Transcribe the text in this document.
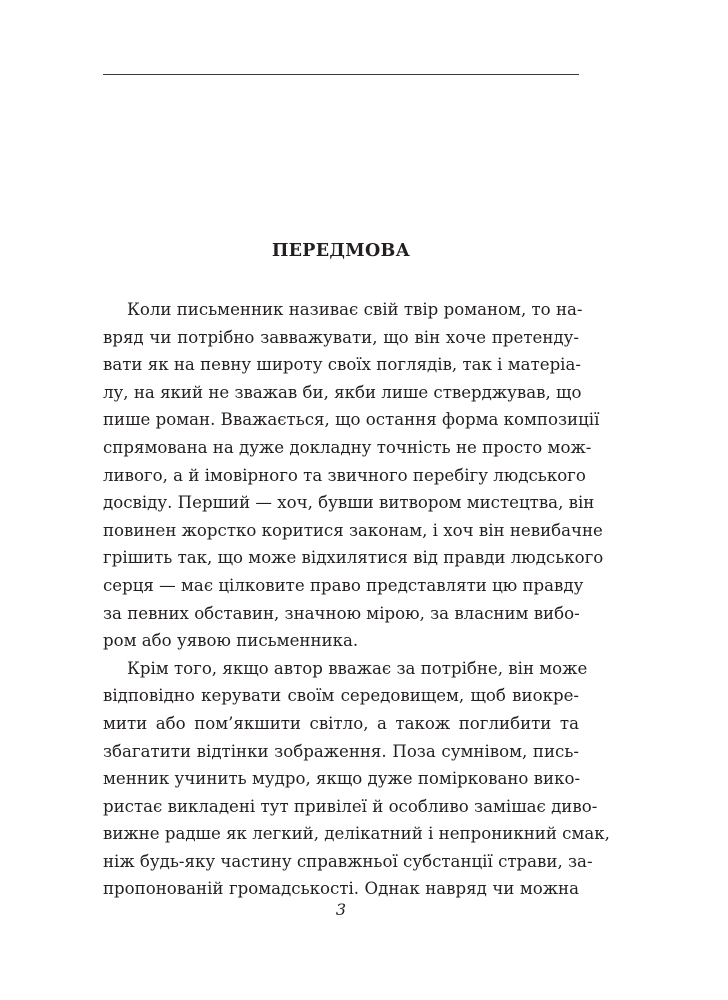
ПЕРЕДМОВА
Коли письменник називає свій твір романом, то на-
вряд чи потрібно завважувати, що він хоче претенду-
вати як на певну широту своїх поглядів, так і матеріа-
лу, на який не зважав би, якби лише стверджував, що
пише роман. Вважається, що остання форма композиції
спрямована на дуже докладну точність не просто мож-
ливого, а й імовірного та звичного перебігу людського
досвіду. Перший — хоч, бувши витвором мистецтва, він
повинен жорстко коритися законам, і хоч він невибачне
грішить так, що може відхилятися від правди людського
серця — має цілковите право представляти цю правду
за певних обставин, значною мірою, за власним вибо-
ром або уявою письменника.
Крім того, якщо автор вважає за потрібне, він може
відповідно керувати своїм середовищем, щоб виокре-
мити або пом’якшити світло, а також поглибити та
збагатити відтінки зображення. Поза сумнівом, пись-
менник учинить мудро, якщо дуже помірковано вико-
ристає викладені тут привілеї й особливо замішає диво-
вижне радше як легкий, делікатний і непроникний смак,
ніж будь-яку частину справжньої субстанції страви, за-
пропонованій громадськості. Однак навряд чи можна
3
